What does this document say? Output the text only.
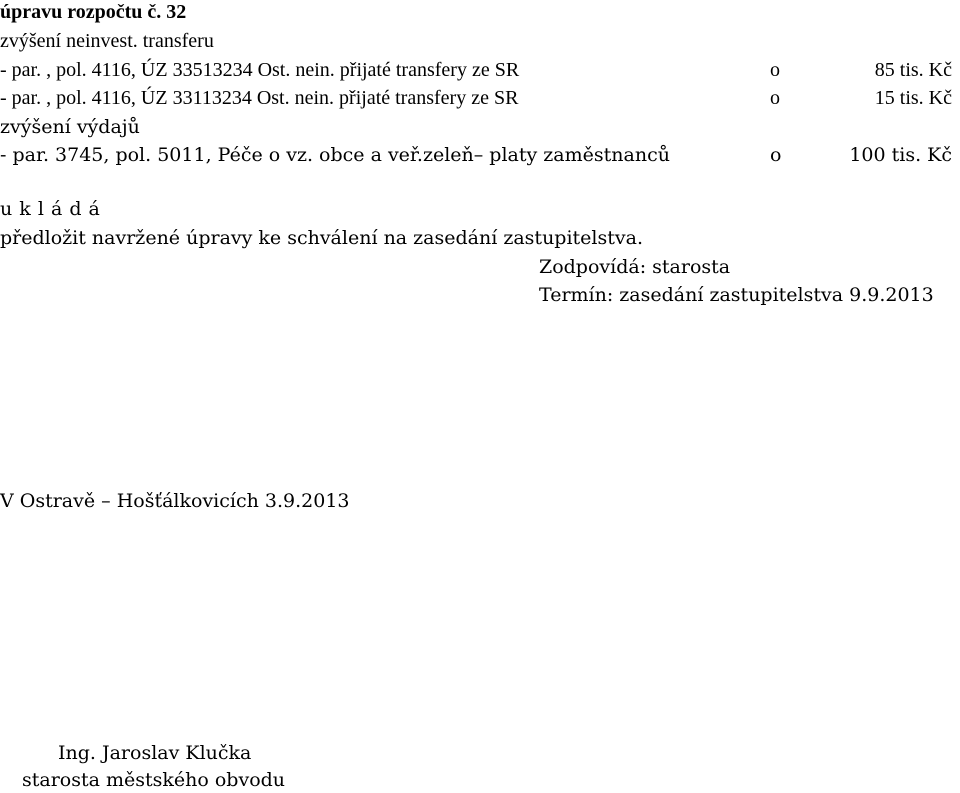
úpravu rozpočtu č. 32
zvýšení neinvest. transferu
- par. , pol. 4116, ÚZ 33513234 Ost. nein. přijaté transfery ze SR	o	85 tis. Kč
- par. , pol. 4116, ÚZ 33113234 Ost. nein. přijaté transfery ze SR	o	15 tis. Kč
zvýšení výdajů
- par. 3745, pol. 5011, Péče o vz. obce a veř.zeleň– platy zaměstnanců	o	100 tis. Kč
u k l á d á
předložit navržené úpravy ke schválení na zasedání zastupitelstva.
Zodpovídá: starosta
Termín: zasedání zastupitelstva 9.9.2013
V Ostravě – Hošťálkovicích 3.9.2013
Ing. Jaroslav Klučka
starosta městského obvodu
